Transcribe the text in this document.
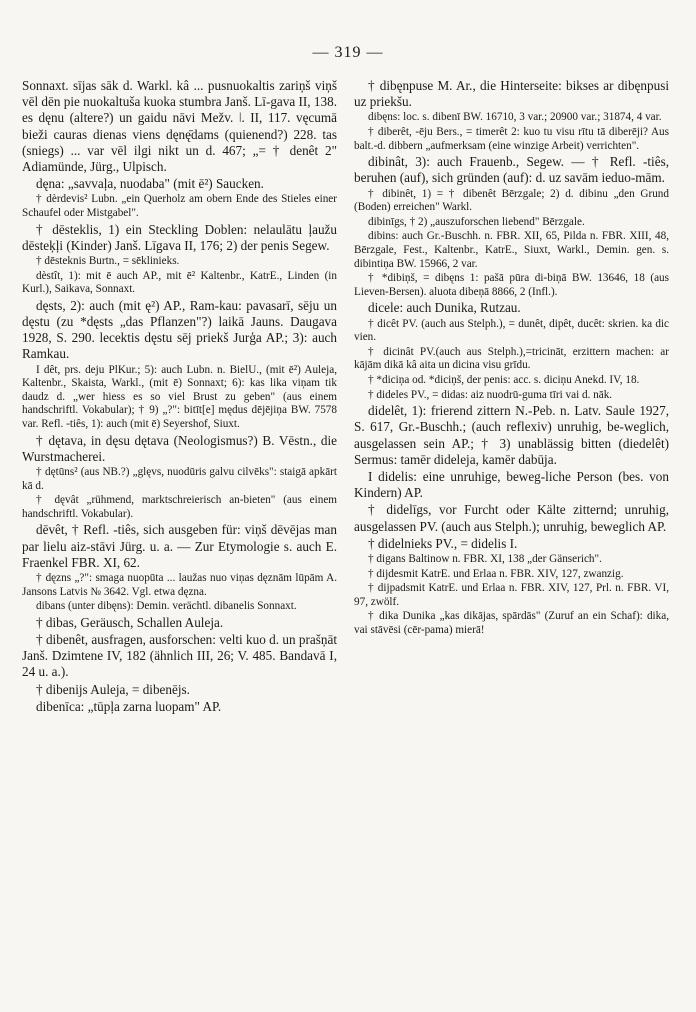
— 319 —

Sonnaxt. sījas sāk d. Warkl. kâ ... pusnuokaltis zariņš viņš vēl dēn pie nuokaltuša kuoka stumbra Janš. Lī-gava II, 138. es dęnu (altere?) un gaidu nāvi Mežv. ǀ. II, 117. vęcumā bieži cauras dienas viens dęnę̄dams (quienend?) 228. tas (sniegs) ... var vēl ilgi nikt un d. 467; „= † denêt 2" Adiamünde, Jürg., Ulpisch.

dęna: „savvaļa, nuodaba" (mit ē²) Saucken.

† dèrdevis² Lubn. „ein Querholz am obern Ende des Stieles einer Schaufel oder Mistgabel".

† dēsteklis, 1) ein Steckling Doblen: nelaulātu ļaužu dēsteķļi (Kinder) Janš. Līgava II, 176; 2) der penis Segew.

† dēsteknis Burtn., = sēklinieks.

dèstît, 1): mit ē auch AP., mit ē² Kaltenbr., KatrE., Linden (in Kurl.), Saikava, Sonnaxt.

dęsts, 2): auch (mit ę²) AP., Ram-kau: pavasarī, sēju un dęstu (zu *dęsts „das Pflanzen"?) laikā Jauns. Daugava 1928, S. 290. lecektis dęstu sēj priekš Jurģa AP.; 3): auch Ramkau.

I dêt, prs. deju PlKur.; 5): auch Lubn. n. BielU., (mit ē²) Auleja, Kaltenbr., Skaista, Warkl., (mit ē) Sonnaxt; 6): kas lika viņam tik daudz d. „wer hiess es so viel Brust zu geben" (aus einem handschriftl. Vokabular); † 9) „?": bitīt[e] mędus dējējiņa BW. 7578 var. Refl. -tiês, 1): auch (mit ē) Seyershof, Siuxt.

† dętava, in dęsu dętava (Neologismus?) B. Vēstn., die Wurstmacherei.

† dętūns² (aus NB.?) „glęvs, nuodūris galvu cilvēks": staigā apkārt kā d.

† dęvât „rühmend, marktschreierisch an-bieten" (aus einem handschriftl. Vokabular).

dēvêt, † Refl. -tiês, sich ausgeben für: viņš dēvējas man par lielu aiz-stāvi Jürg. u. a. — Zur Etymologie s. auch E. Fraenkel FBR. XI, 62.

† dęzns „?": smaga nuopūta ... laužas nuo viņas dęznām lūpām A. Jansons Latvis № 3642. Vgl. etwa dęzna.

dibans (unter dibęns): Demin. verächtl. dibanelis Sonnaxt.

† dibas, Geräusch, Schallen Auleja.

† dibenêt, ausfragen, ausforschen: velti kuo d. un prašņāt Janš. Dzimtene IV, 182 (ähnlich III, 26; V. 485. Bandavā I, 24 u. a.).

† dibenijs Auleja, = dibenējs.

dibenīca: „tūpļa zarna luopam" AP.

† dibęnpuse M. Ar., die Hinterseite: bikses ar dibęnpusi uz priekšu.

dibęns: loc. s. dibenī BW. 16710, 3 var.; 20900 var.; 31874, 4 var.

† diberêt, -ēju Bers., = timerêt 2: kuo tu visu rītu tā diberēji? Aus balt.-d. dibbern „aufmerksam (eine winzige Arbeit) verrichten".

dibinât, 3): auch Frauenb., Segew. — † Refl. -tiês, beruhen (auf), sich gründen (auf): d. uz savām ieduo-mām.

† dibinêt, 1) = † dibenêt Bērzgale; 2) d. dibinu „den Grund (Boden) erreichen" Warkl.

dibinīgs, † 2) „auszuforschen liebend" Bērzgale.

dibins: auch Gr.-Buschh. n. FBR. XII, 65, Pilda n. FBR. XIII, 48, Bērzgale, Fest., Kaltenbr., KatrE., Siuxt, Warkl., Demin. gen. s. dibintiņa BW. 15966, 2 var.

† *dibiņš, = dibęns 1: pašā pūra di-biņā BW. 13646, 18 (aus Lieven-Bersen). aluota dibeņā 8866, 2 (Infl.).

dicele: auch Dunika, Rutzau.

† dicêt PV. (auch aus Stelph.), = dunêt, dipêt, ducêt: skrien. ka dic vien.

† dicinât PV.(auch aus Stelph.),=tricināt, erzittern machen: ar kājām dikā kâ aita un dicina visu grīdu.

† *diciņa od. *diciņš, der penis: acc. s. diciņu Anekd. IV, 18.

† dideles PV., = didas: aiz nuodrū-guma tīri vai d. nāk.

didelêt, 1): frierend zittern N.-Peb. n. Latv. Saule 1927, S. 617, Gr.-Buschh.; (auch reflexiv) unruhig, be-weglich, ausgelassen sein AP.; † 3) unablässig bitten (diedelêt) Sermus: tamēr dideleja, kamēr dabūja.

I didelis: eine unruhige, beweg-liche Person (bes. von Kindern) AP.

† didelīgs, vor Furcht oder Kälte zitternd; unruhig, ausgelassen PV. (auch aus Stelph.); unruhig, beweglich AP.

† didelnieks PV., = didelis I.

† digans Baltinow n. FBR. XI, 138 „der Gänserich".

† dijdesmit KatrE. und Erlaa n. FBR. XIV, 127, zwanzig.

† dijpadsmit KatrE. und Erlaa n. FBR. XIV, 127, Prl. n. FBR. VI, 97, zwölf.

† dika Dunika „kas dikājas, spārdās" (Zuruf an ein Schaf): dika, vai stāvēsi (cēr-pama) mierā!
